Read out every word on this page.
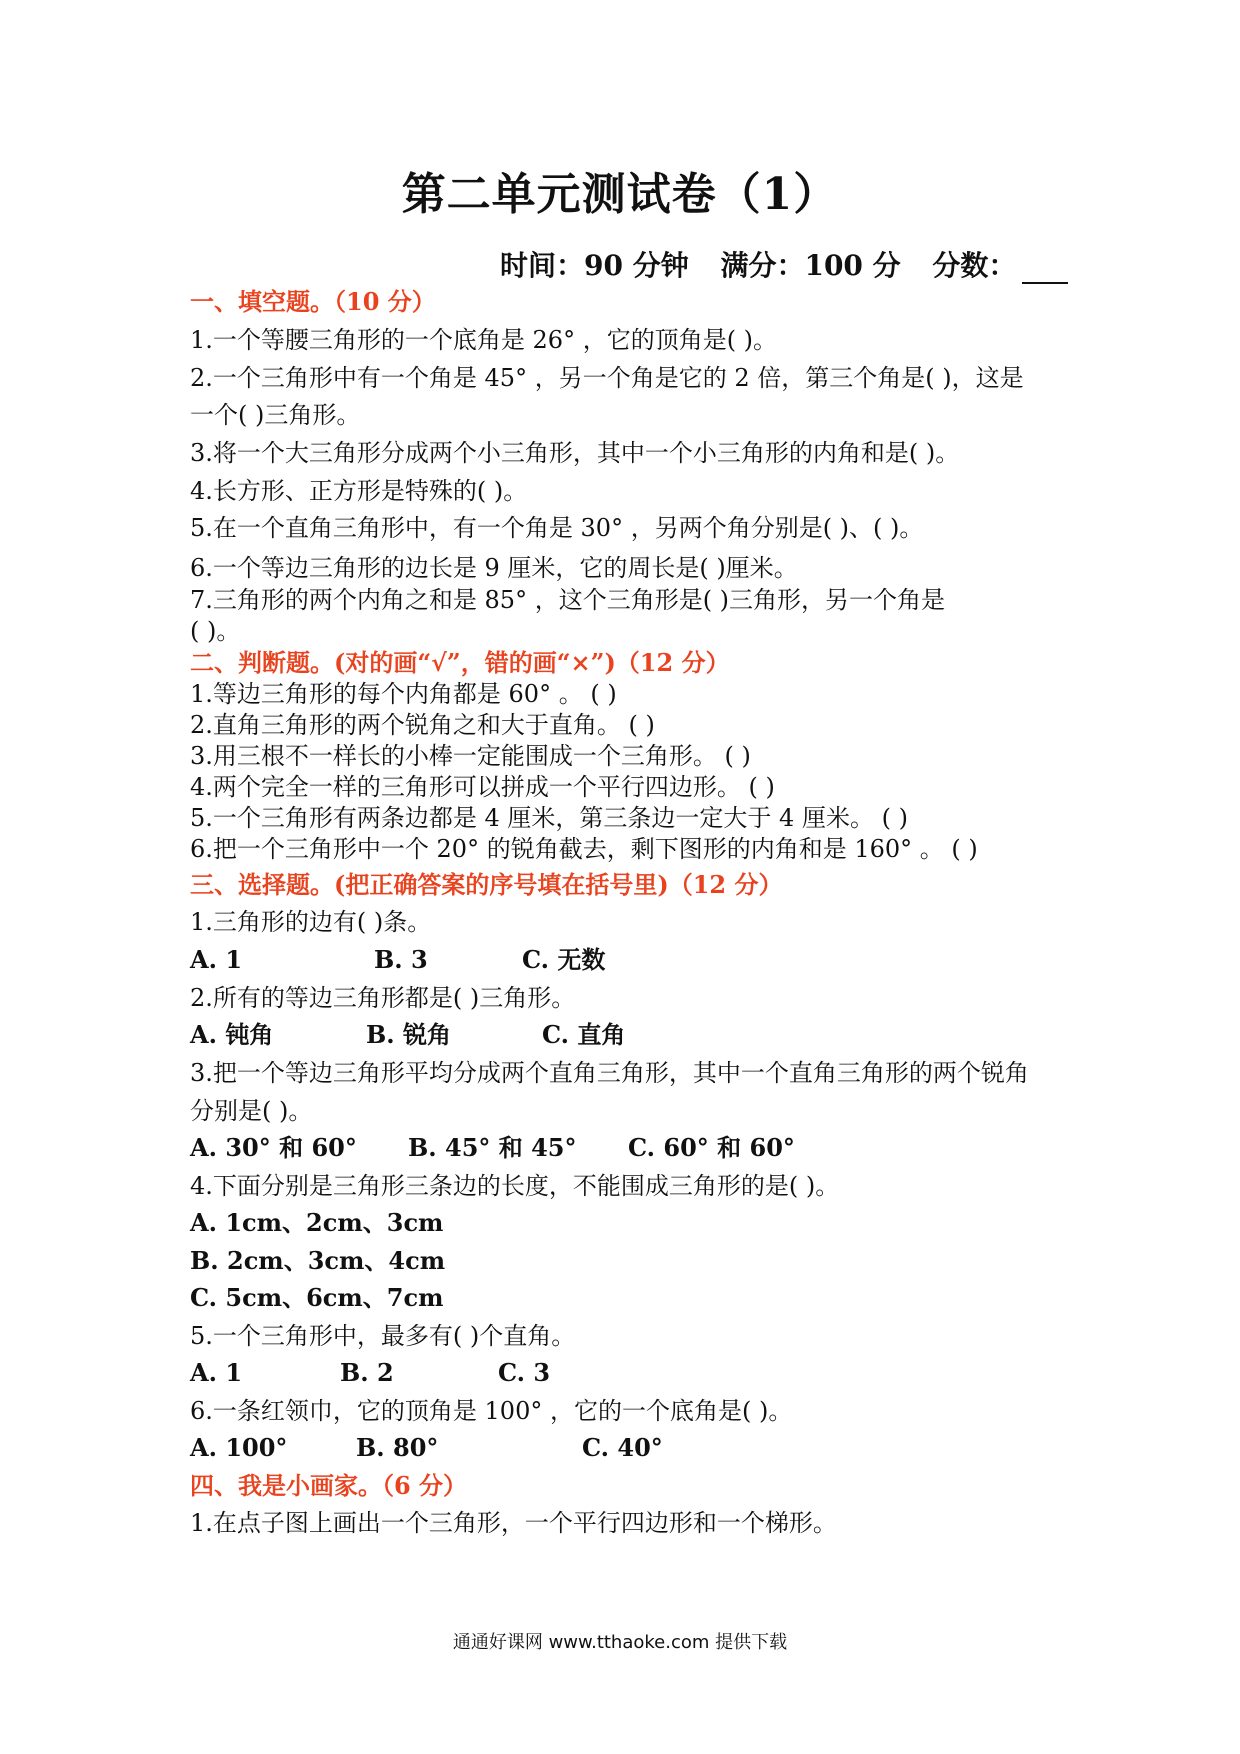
第二单元测试卷（1）
时间：90 分钟 满分：100 分 分数：
一、填空题。（10 分）
1.一个等腰三角形的一个底角是 26° ，它的顶角是( )。
2.一个三角形中有一个角是 45° ，另一个角是它的 2 倍，第三个角是( )，这是
一个( )三角形。
3.将一个大三角形分成两个小三角形，其中一个小三角形的内角和是( )。
4.长方形、正方形是特殊的( )。
5.在一个直角三角形中，有一个角是 30° ，另两个角分别是( )、( )。
6.一个等边三角形的边长是 9 厘米，它的周长是( )厘米。
7.三角形的两个内角之和是 85° ，这个三角形是( )三角形，另一个角是
( )。
二、判断题。(对的画“√”，错的画“×”)（12 分）
1.等边三角形的每个内角都是 60° 。 ( )
2.直角三角形的两个锐角之和大于直角。 ( )
3.用三根不一样长的小棒一定能围成一个三角形。 ( )
4.两个完全一样的三角形可以拼成一个平行四边形。 ( )
5.一个三角形有两条边都是 4 厘米，第三条边一定大于 4 厘米。 ( )
6.把一个三角形中一个 20° 的锐角截去，剩下图形的内角和是 160° 。 ( )
三、选择题。(把正确答案的序号填在括号里)（12 分）
1.三角形的边有( )条。
A. 1	B. 3	C. 无数
2.所有的等边三角形都是( )三角形。
A. 钝角	B. 锐角	C. 直角
3.把一个等边三角形平均分成两个直角三角形，其中一个直角三角形的两个锐角
分别是( )。
A. 30° 和 60° B. 45° 和 45° C. 60° 和 60°
4.下面分别是三角形三条边的长度，不能围成三角形的是( )。
A. 1cm、2cm、3cm
B. 2cm、3cm、4cm
C. 5cm、6cm、7cm
5.一个三角形中，最多有( )个直角。
A. 1	B. 2	C. 3
6.一条红领巾，它的顶角是 100° ，它的一个底角是( )。
A. 100°	B. 80°	C. 40°
四、我是小画家。（6 分）
1.在点子图上画出一个三角形，一个平行四边形和一个梯形。
通通好课网 www.tthaoke.com 提供下载
